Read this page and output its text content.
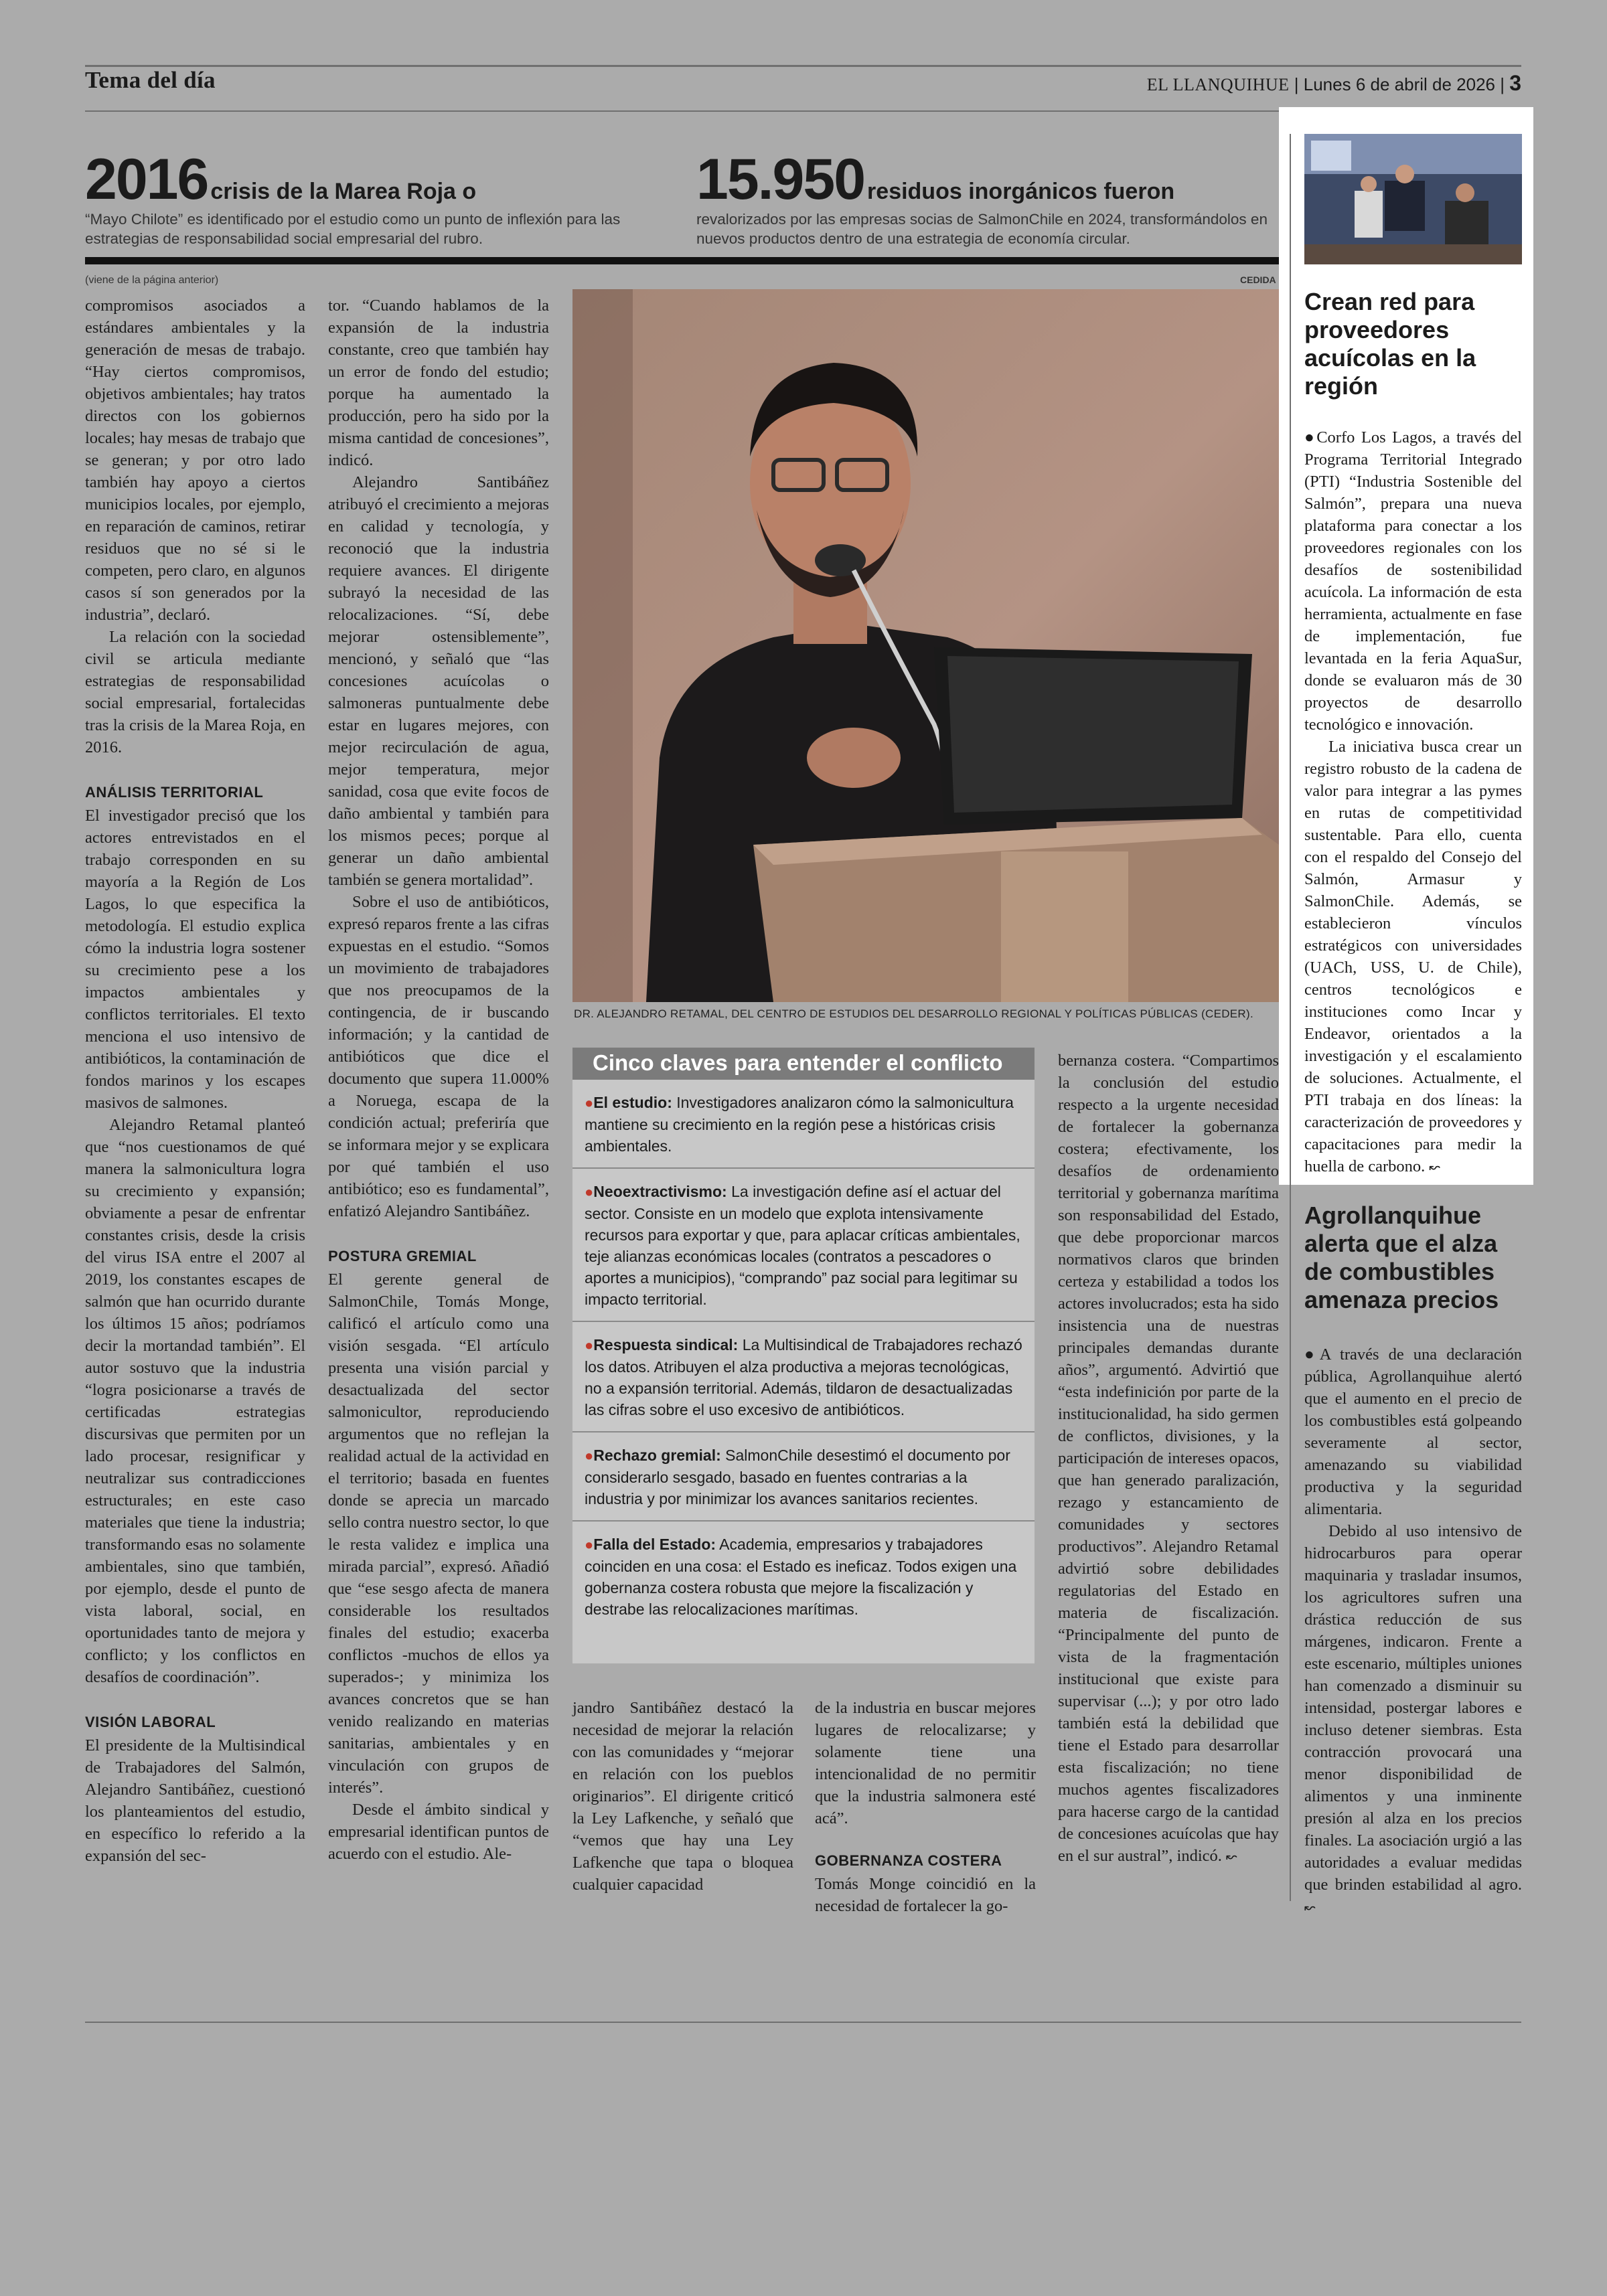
Tema del día	EL LLANQUIHUE | Lunes 6 de abril de 2026 | 3
2016 crisis de la Marea Roja o
“Mayo Chilote” es identificado por el estudio como un punto de inflexión para las estrategias de responsabilidad social empresarial del rubro.
15.950 residuos inorgánicos fueron
revalorizados por las empresas socias de SalmonChile en 2024, transformándolos en nuevos productos dentro de una estrategia de economía circular.
(viene de la página anterior)	CEDIDA
DR. ALEJANDRO RETAMAL, DEL CENTRO DE ESTUDIOS DEL DESARROLLO REGIONAL Y POLÍTICAS PÚBLICAS (CEDER).

compromisos asociados a estándares ambientales y la generación de mesas de trabajo. “Hay ciertos compromisos, objetivos ambientales; hay tratos directos con los gobiernos locales; hay mesas de trabajo que se generan; y por otro lado también hay apoyo a ciertos municipios locales, por ejemplo, en reparación de caminos, retirar residuos que no sé si le competen, pero claro, en algunos casos sí son generados por la industria”, declaró.

La relación con la sociedad civil se articula mediante estrategias de responsabilidad social empresarial, fortalecidas tras la crisis de la Marea Roja, en 2016.

ANÁLISIS TERRITORIAL

El investigador precisó que los actores entrevistados en el trabajo corresponden en su mayoría a la Región de Los Lagos, lo que especifica la metodología. El estudio explica cómo la industria logra sostener su crecimiento pese a los impactos ambientales y conflictos territoriales. El texto menciona el uso intensivo de antibióticos, la contaminación de fondos marinos y los escapes masivos de salmones.

Alejandro Retamal planteó que “nos cuestionamos de qué manera la salmonicultura logra su crecimiento y expansión; obviamente a pesar de enfrentar constantes crisis, desde la crisis del virus ISA entre el 2007 al 2019, los constantes escapes de salmón que han ocurrido durante los últimos 15 años; podríamos decir la mortandad también”. El autor sostuvo que la industria “logra posicionarse a través de certificadas estrategias discursivas que permiten por un lado procesar, resignificar y neutralizar sus contradicciones estructurales; en este caso materiales que tiene la industria; transformando esas no solamente ambientales, sino que también, por ejemplo, desde el punto de vista laboral, social, en oportunidades tanto de mejora y conflicto; y los conflictos en desafíos de coordinación”.

VISIÓN LABORAL

El presidente de la Multisindical de Trabajadores del Salmón, Alejandro Santibáñez, cuestionó los planteamientos del estudio, en específico lo referido a la expansión del sec-

tor. “Cuando hablamos de la expansión de la industria constante, creo que también hay un error de fondo del estudio; porque ha aumentado la producción, pero ha sido por la misma cantidad de concesiones”, indicó.

Alejandro Santibáñez atribuyó el crecimiento a mejoras en calidad y tecnología, y reconoció que la industria requiere avances. El dirigente subrayó la necesidad de las relocalizaciones. “Sí, debe mejorar ostensiblemente”, mencionó, y señaló que “las concesiones acuícolas o salmoneras puntualmente debe estar en lugares mejores, con mejor recirculación de agua, mejor temperatura, mejor sanidad, cosa que evite focos de daño ambiental y también para los mismos peces; porque al generar un daño ambiental también se genera mortalidad”.

Sobre el uso de antibióticos, expresó reparos frente a las cifras expuestas en el estudio. “Somos un movimiento de trabajadores que nos preocupamos de la contingencia, de ir buscando información; y la cantidad de antibióticos que dice el documento que supera 11.000% a Noruega, escapa de la condición actual; preferiría que se informara mejor y se explicara por qué también el uso antibiótico; eso es fundamental”, enfatizó Alejandro Santibáñez.

POSTURA GREMIAL

El gerente general de SalmonChile, Tomás Monge, calificó el artículo como una visión sesgada. “El artículo presenta una visión parcial y desactualizada del sector salmonicultor, reproduciendo argumentos que no reflejan la realidad actual de la actividad en el territorio; basada en fuentes donde se aprecia un marcado sello contra nuestro sector, lo que le resta validez e implica una mirada parcial”, expresó. Añadió que “ese sesgo afecta de manera considerable los resultados finales del estudio; exacerba conflictos -muchos de ellos ya superados-; y minimiza los avances concretos que se han venido realizando en materias sanitarias, ambientales y en vinculación con grupos de interés”.

Desde el ámbito sindical y empresarial identifican puntos de acuerdo con el estudio. Ale-

jandro Santibáñez destacó la necesidad de mejorar la relación con las comunidades y “mejorar en relación con los pueblos originarios”. El dirigente criticó la Ley Lafkenche, y señaló que “vemos que hay una Ley Lafkenche que tapa o bloquea cualquier capacidad

de la industria en buscar mejores lugares de relocalizarse; y solamente tiene una intencionalidad de no permitir que la industria salmonera esté acá”.

GOBERNANZA COSTERA

Tomás Monge coincidió en la necesidad de fortalecer la go-

bernanza costera. “Compartimos la conclusión del estudio respecto a la urgente necesidad de fortalecer la gobernanza costera; efectivamente, los desafíos de ordenamiento territorial y gobernanza marítima son responsabilidad del Estado, que debe proporcionar marcos normativos claros que brinden certeza y estabilidad a todos los actores involucrados; esta ha sido insistencia una de nuestras principales demandas durante años”, argumentó. Advirtió que “esta indefinición por parte de la institucionalidad, ha sido germen de conflictos, divisiones, y la participación de intereses opacos, que han generado paralización, rezago y estancamiento de comunidades y sectores productivos”. Alejandro Retamal advirtió sobre debilidades regulatorias del Estado en materia de fiscalización. “Principalmente del punto de vista de la fragmentación institucional que existe para supervisar (...); y por otro lado también está la debilidad que tiene el Estado para desarrollar esta fiscalización; no tiene muchos agentes fiscalizadores para hacerse cargo de la cantidad de concesiones acuícolas que hay en el sur austral”, indicó. ↜

Cinco claves para entender el conflicto
●El estudio: Investigadores analizaron cómo la salmonicultura mantiene su crecimiento en la región pese a históricas crisis ambientales.
●Neoextractivismo: La investigación define así el actuar del sector. Consiste en un modelo que explota intensivamente recursos para exportar y que, para aplacar críticas ambientales, teje alianzas económicas locales (contratos a pescadores o aportes a municipios), “comprando” paz social para legitimar su impacto territorial.
●Respuesta sindical: La Multisindical de Trabajadores rechazó los datos. Atribuyen el alza productiva a mejoras tecnológicas, no a expansión territorial. Además, tildaron de desactualizadas las cifras sobre el uso excesivo de antibióticos.
●Rechazo gremial: SalmonChile desestimó el documento por considerarlo sesgado, basado en fuentes contrarias a la industria y por minimizar los avances sanitarios recientes.
●Falla del Estado: Academia, empresarios y trabajadores coinciden en una cosa: el Estado es ineficaz. Todos exigen una gobernanza costera robusta que mejore la fiscalización y destrabe las relocalizaciones marítimas.
Crean red para proveedores acuícolas en la región

●Corfo Los Lagos, a través del Programa Territorial Integrado (PTI) “Industria Sostenible del Salmón”, prepara una nueva plataforma para conectar a los proveedores regionales con los desafíos de sostenibilidad acuícola. La información de esta herramienta, actualmente en fase de implementación, fue levantada en la feria AquaSur, donde se evaluaron más de 30 proyectos de desarrollo tecnológico e innovación.

La iniciativa busca crear un registro robusto de la cadena de valor para integrar a las pymes en rutas de competitividad sustentable. Para ello, cuenta con el respaldo del Consejo del Salmón, Armasur y SalmonChile. Además, se establecieron vínculos estratégicos con universidades (UACh, USS, U. de Chile), centros tecnológicos e instituciones como Incar y Endeavor, orientados a la investigación y el escalamiento de soluciones. Actualmente, el PTI trabaja en dos líneas: la caracterización de proveedores y capacitaciones para medir la huella de carbono. ↜

Agrollanquihue alerta que el alza de combustibles amenaza precios

●A través de una declaración pública, Agrollanquihue alertó que el aumento en el precio de los combustibles está golpeando severamente al sector, amenazando su viabilidad productiva y la seguridad alimentaria.

Debido al uso intensivo de hidrocarburos para operar maquinaria y trasladar insumos, los agricultores sufren una drástica reducción de sus márgenes, indicaron. Frente a este escenario, múltiples uniones han comenzado a disminuir su intensidad, postergar labores e incluso detener siembras. Esta contracción provocará una menor disponibilidad de alimentos y una inminente presión al alza en los precios finales. La asociación urgió a las autoridades a evaluar medidas que brinden estabilidad al agro. ↜
